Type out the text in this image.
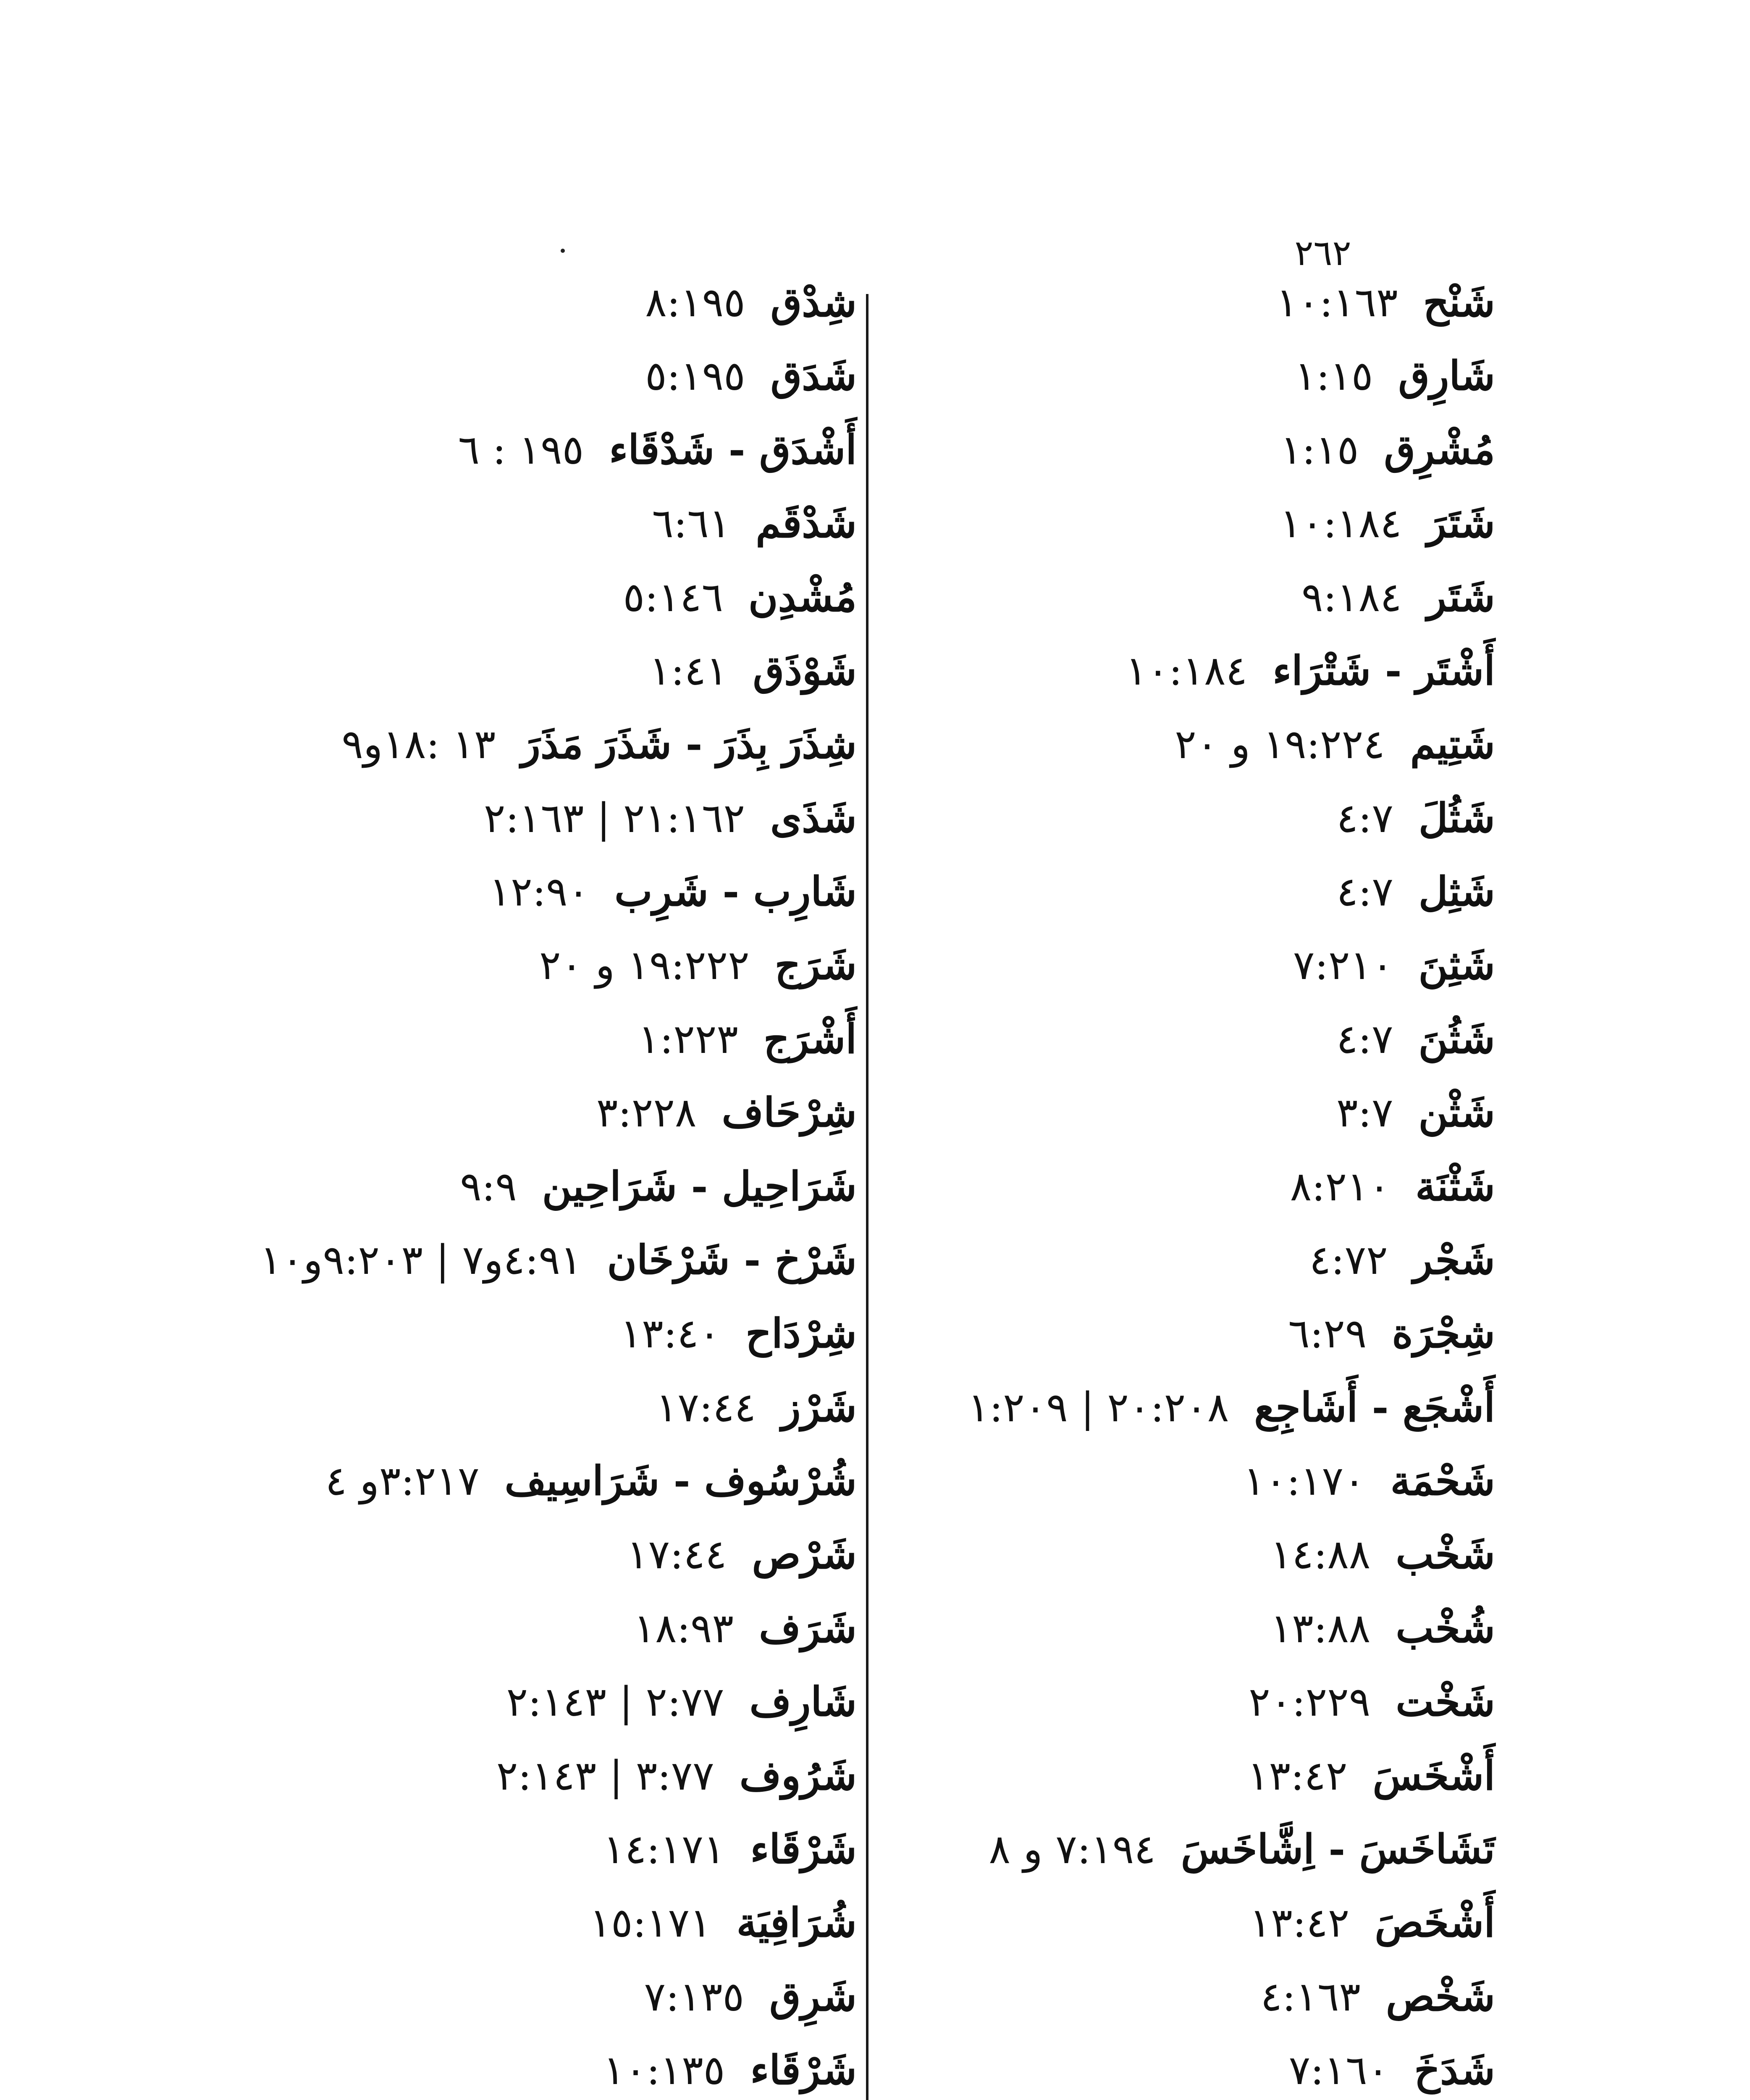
٢٦٢
شَنْح
١٠:١٦٣
شَارِق
١:١٥
مُشْرِق
١:١٥
شَتَرَ
١٠:١٨٤
شَتَر
٩:١٨٤
أَشْتَر - شَتْرَاء
١٠:١٨٤
شَتِيم
١٩:٢٢٤ و ٢٠
شَثُلَ
٤:٧
شَثِل
٤:٧
شَثِنَ
٧:٢١٠
شَثُنَ
٤:٧
شَثْن
٣:٧
شَثْنَة
٨:٢١٠
شَجْر
٤:٧٢
شِجْرَة
٦:٢٩
أَشْجَع - أَشَاجِع
٢٠:٢٠٨ | ١:٢٠٩
شَحْمَة
١٠:١٧٠
شَخْب
١٤:٨٨
شُخْب
١٣:٨٨
شَخْت
٢٠:٢٢٩
أَشْخَسَ
١٣:٤٢
تَشَاخَسَ - اِشَّاخَسَ
٧:١٩٤ و ٨
أَشْخَصَ
١٣:٤٢
شَخْص
٤:١٦٣
شَدَخَ
٧:١٦٠
شِدْق
٨:١٩٥
شَدَق
٥:١٩٥
أَشْدَق - شَدْقَاء
١٩٥ : ٦
شَدْقَم
٦:٦١
مُشْدِن
٥:١٤٦
شَوْذَق
١:٤١
شِذَرَ بِذَرَ - شَذَرَ مَذَرَ
١٣ :١٨و٩
شَذَى
٢١:١٦٢ | ٢:١٦٣
شَارِب - شَرِب
١٢:٩٠
شَرَج
١٩:٢٢٢ و ٢٠
أَشْرَج
١:٢٢٣
شِرْحَاف
٣:٢٢٨
شَرَاحِيل - شَرَاحِين
٩:٩
شَرْخ - شَرْخَان
٤:٩١و٧ | ٩:٢٠٣و١٠
شِرْدَاح
١٣:٤٠
شَرْز
١٧:٤٤
شُرْسُوف - شَرَاسِيف
٣:٢١٧و ٤
شَرْص
١٧:٤٤
شَرَف
١٨:٩٣
شَارِف
٢:٧٧ | ٢:١٤٣
شَرُوف
٣:٧٧ | ٢:١٤٣
شَرْقَاء
١٤:١٧١
شُرَافِيَة
١٥:١٧١
شَرِق
٧:١٣٥
شَرْقَاء
١٠:١٣٥
